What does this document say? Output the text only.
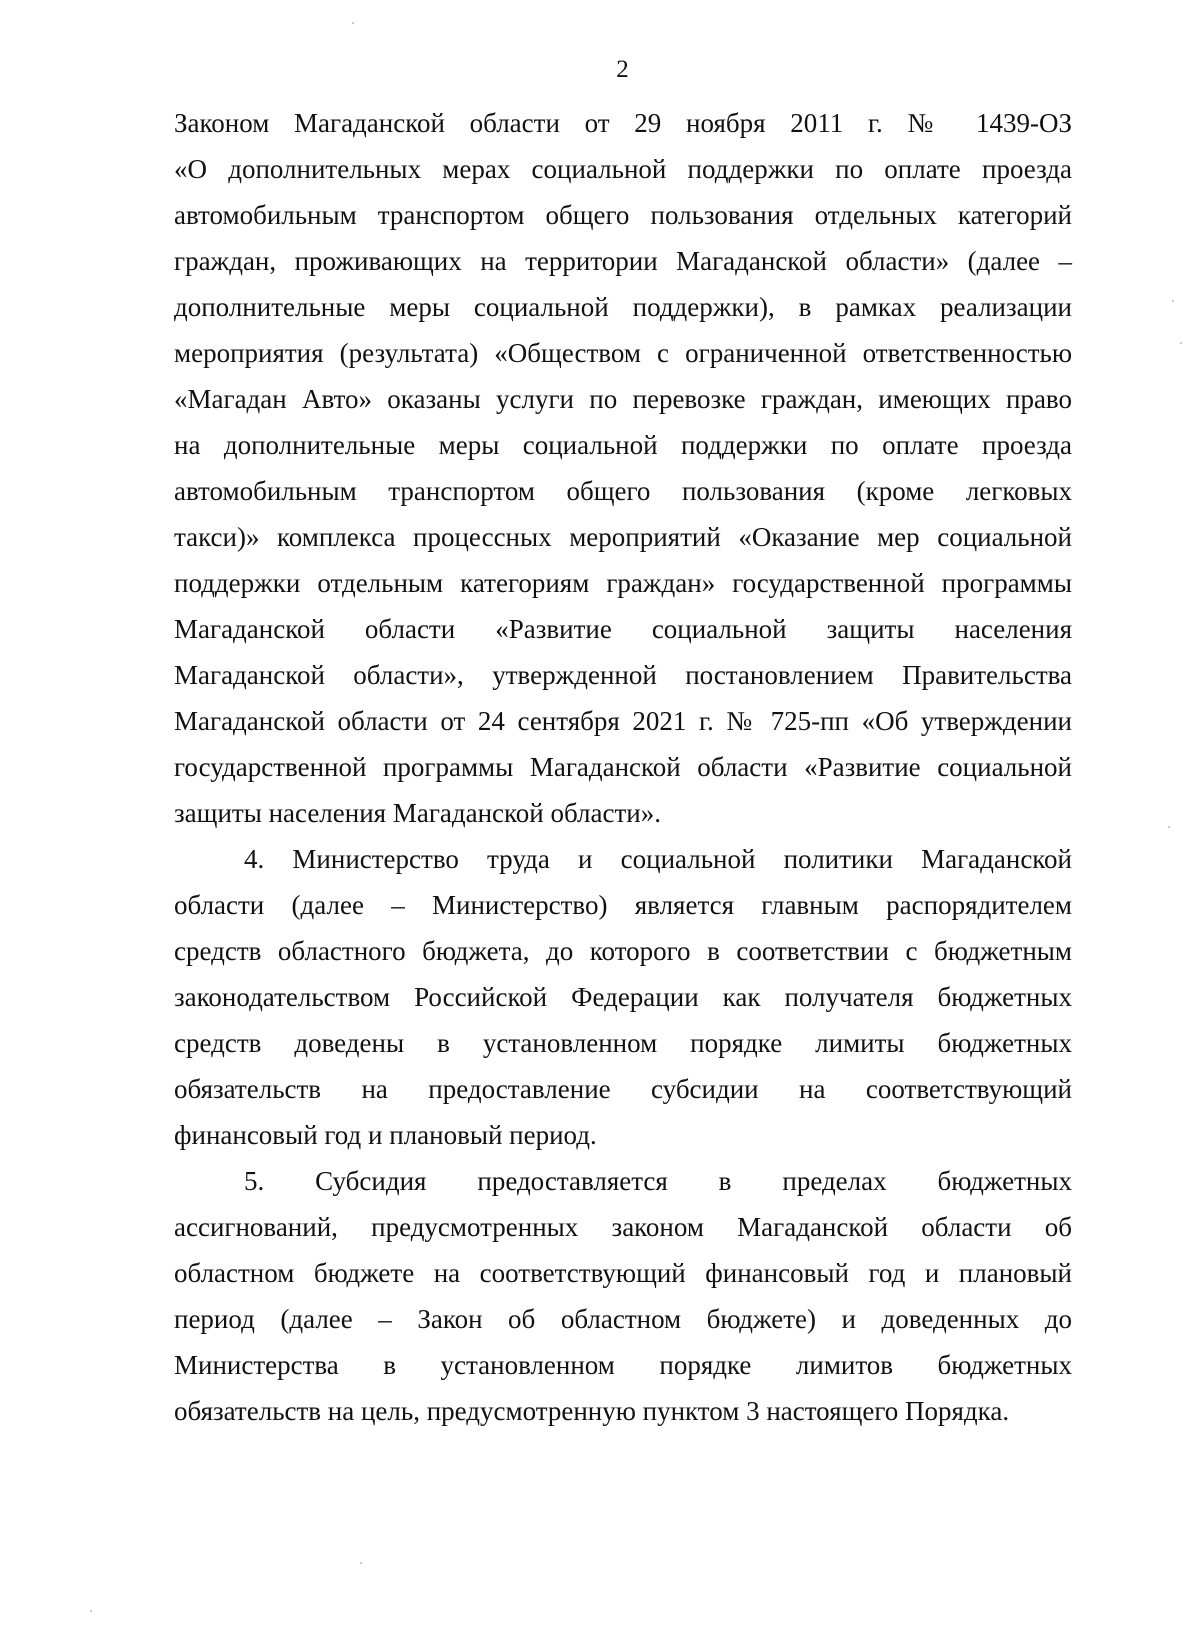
2
Законом Магаданской области от 29 ноября 2011 г. № 1439-ОЗ
«О дополнительных мерах социальной поддержки по оплате проезда
автомобильным транспортом общего пользования отдельных категорий
граждан, проживающих на территории Магаданской области» (далее –
дополнительные меры социальной поддержки), в рамках реализации
мероприятия (результата) «Обществом с ограниченной ответственностью
«Магадан Авто» оказаны услуги по перевозке граждан, имеющих право
на дополнительные меры социальной поддержки по оплате проезда
автомобильным транспортом общего пользования (кроме легковых
такси)» комплекса процессных мероприятий «Оказание мер социальной
поддержки отдельным категориям граждан» государственной программы
Магаданской области «Развитие социальной защиты населения
Магаданской области», утвержденной постановлением Правительства
Магаданской области от 24 сентября 2021 г. № 725-пп «Об утверждении
государственной программы Магаданской области «Развитие социальной
защиты населения Магаданской области».
4. Министерство труда и социальной политики Магаданской
области (далее – Министерство) является главным распорядителем
средств областного бюджета, до которого в соответствии с бюджетным
законодательством Российской Федерации как получателя бюджетных
средств доведены в установленном порядке лимиты бюджетных
обязательств на предоставление субсидии на соответствующий
финансовый год и плановый период.
5. Субсидия предоставляется в пределах бюджетных
ассигнований, предусмотренных законом Магаданской области об
областном бюджете на соответствующий финансовый год и плановый
период (далее – Закон об областном бюджете) и доведенных до
Министерства в установленном порядке лимитов бюджетных
обязательств на цель, предусмотренную пунктом 3 настоящего Порядка.
